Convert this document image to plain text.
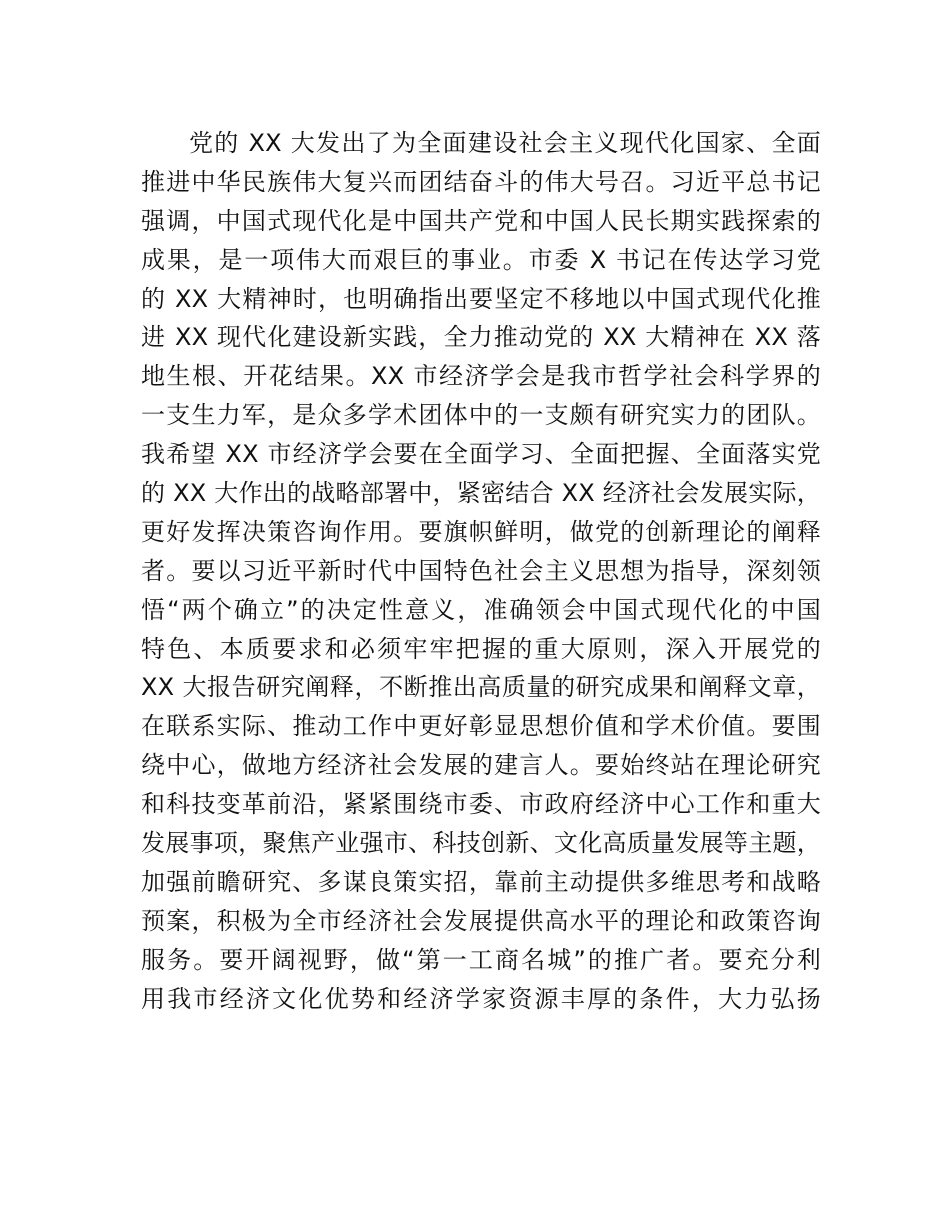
党的 XX 大发出了为全面建设社会主义现代化国家、全面
推进中华民族伟大复兴而团结奋斗的伟大号召。习近平总书记
强调，中国式现代化是中国共产党和中国人民长期实践探索的
成果，是一项伟大而艰巨的事业。市委 X 书记在传达学习党
的 XX 大精神时，也明确指出要坚定不移地以中国式现代化推
进 XX 现代化建设新实践，全力推动党的 XX 大精神在 XX 落
地生根、开花结果。XX 市经济学会是我市哲学社会科学界的
一支生力军，是众多学术团体中的一支颇有研究实力的团队。
我希望 XX 市经济学会要在全面学习、全面把握、全面落实党
的 XX 大作出的战略部署中，紧密结合 XX 经济社会发展实际，
更好发挥决策咨询作用。要旗帜鲜明，做党的创新理论的阐释
者。要以习近平新时代中国特色社会主义思想为指导，深刻领
悟“两个确立”的决定性意义，准确领会中国式现代化的中国
特色、本质要求和必须牢牢把握的重大原则，深入开展党的
XX 大报告研究阐释，不断推出高质量的研究成果和阐释文章，
在联系实际、推动工作中更好彰显思想价值和学术价值。要围
绕中心，做地方经济社会发展的建言人。要始终站在理论研究
和科技变革前沿，紧紧围绕市委、市政府经济中心工作和重大
发展事项，聚焦产业强市、科技创新、文化高质量发展等主题，
加强前瞻研究、多谋良策实招，靠前主动提供多维思考和战略
预案，积极为全市经济社会发展提供高水平的理论和政策咨询
服务。要开阔视野，做“第一工商名城”的推广者。要充分利
用我市经济文化优势和经济学家资源丰厚的条件，大力弘扬
